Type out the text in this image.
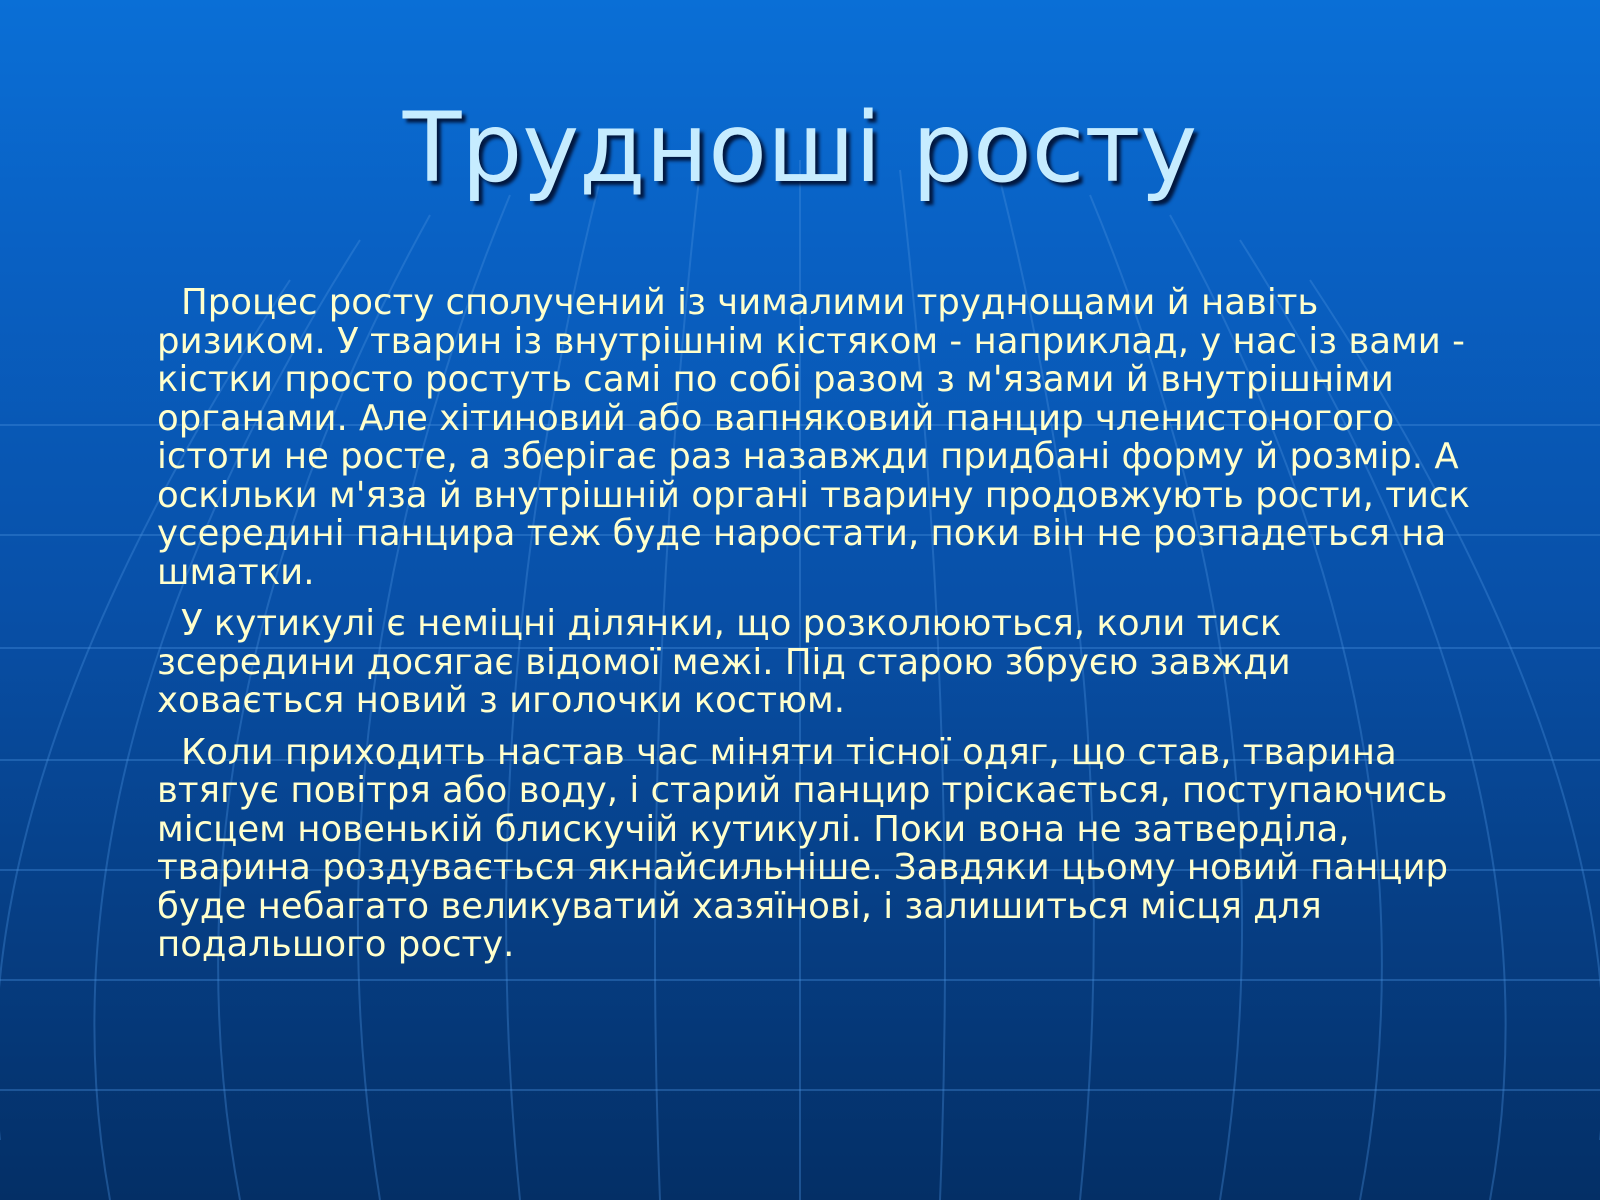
Трудноші росту

Процес росту сполучений із чималими труднощами й навіть ризиком. У тварин із внутрішнім кістяком - наприклад, у нас із вами - кістки просто ростуть самі по собі разом з м'язами й внутрішніми органами. Але хітиновий або вапняковий панцир членистоногого істоти не росте, а зберігає раз назавжди придбані форму й розмір. А оскільки м'яза й внутрішній органі тварину продовжують рости, тиск усередині панцира теж буде наростати, поки він не розпадеться на шматки.

У кутикулі є неміцні ділянки, що розколюються, коли тиск зсередини досягає відомої межі. Під старою збруєю завжди ховається новий з иголочки костюм.

Коли приходить настав час міняти тісної одяг, що став, тварина втягує повітря або воду, і старий панцир тріскається, поступаючись місцем новенькій блискучій кутикулі. Поки вона не затверділа, тварина роздувається якнайсильніше. Завдяки цьому новий панцир буде небагато великуватий хазяїнові, і залишиться місця для подальшого росту.
